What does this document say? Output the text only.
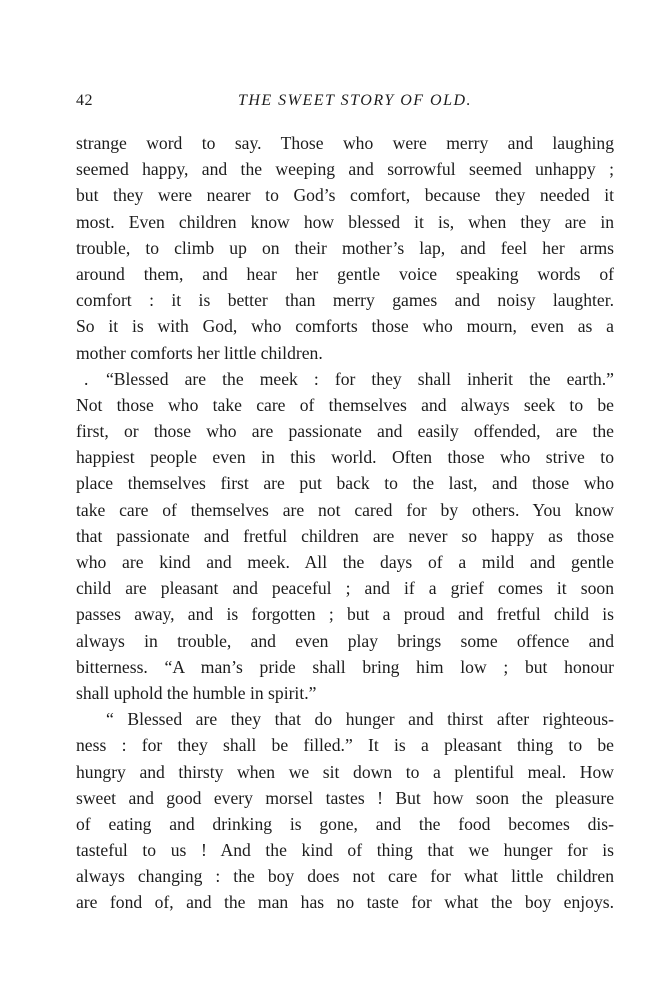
42	THE SWEET STORY OF OLD.
strange word to say. Those who were merry and laughing
seemed happy, and the weeping and sorrowful seemed unhappy ;
but they were nearer to God’s comfort, because they needed it
most. Even children know how blessed it is, when they are in
trouble, to climb up on their mother’s lap, and feel her arms
around them, and hear her gentle voice speaking words of
comfort : it is better than merry games and noisy laughter.
So it is with God, who comforts those who mourn, even as a
mother comforts her little children.
. “Blessed are the meek : for they shall inherit the earth.”
Not those who take care of themselves and always seek to be
first, or those who are passionate and easily offended, are the
happiest people even in this world. Often those who strive to
place themselves first are put back to the last, and those who
take care of themselves are not cared for by others. You know
that passionate and fretful children are never so happy as those
who are kind and meek. All the days of a mild and gentle
child are pleasant and peaceful ; and if a grief comes it soon
passes away, and is forgotten ; but a proud and fretful child is
always in trouble, and even play brings some offence and
bitterness. “A man’s pride shall bring him low ; but honour
shall uphold the humble in spirit.”
“ Blessed are they that do hunger and thirst after righteous-
ness : for they shall be filled.” It is a pleasant thing to be
hungry and thirsty when we sit down to a plentiful meal. How
sweet and good every morsel tastes ! But how soon the pleasure
of eating and drinking is gone, and the food becomes dis-
tasteful to us ! And the kind of thing that we hunger for is
always changing : the boy does not care for what little children
are fond of, and the man has no taste for what the boy enjoys.
